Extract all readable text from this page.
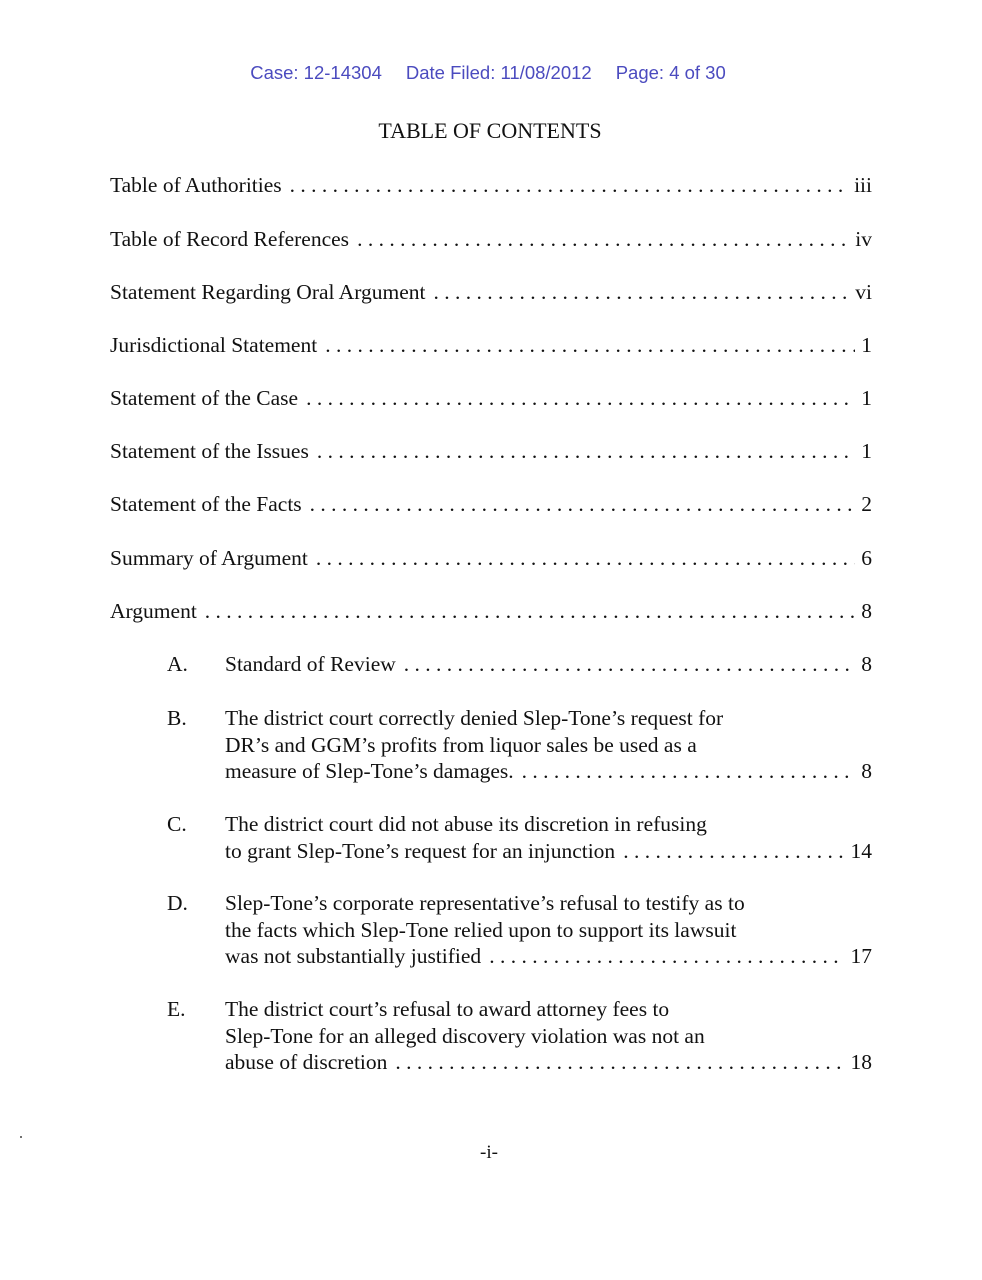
Case: 12-14304 Date Filed: 11/08/2012 Page: 4 of 30
TABLE OF CONTENTS
Table of Authorities . . .	iii
Table of Record References . . .	iv
Statement Regarding Oral Argument . . .	vi
Jurisdictional Statement . . .	1
Statement of the Case . . .	1
Statement of the Issues . . .	1
Statement of the Facts . . .	2
Summary of Argument . . .	6
Argument . . .	8
A.	Standard of Review . . .	8
B.	The district court correctly denied Slep-Tone’s request for
DR’s and GGM’s profits from liquor sales be used as a
measure of Slep-Tone’s damages. . . .	8
C.	The district court did not abuse its discretion in refusing
to grant Slep-Tone’s request for an injunction . . .	14
D.	Slep-Tone’s corporate representative’s refusal to testify as to
the facts which Slep-Tone relied upon to support its lawsuit
was not substantially justified . . .	17
E.	The district court’s refusal to award attorney fees to
Slep-Tone for an alleged discovery violation was not an
abuse of discretion . . .	18
-i-
